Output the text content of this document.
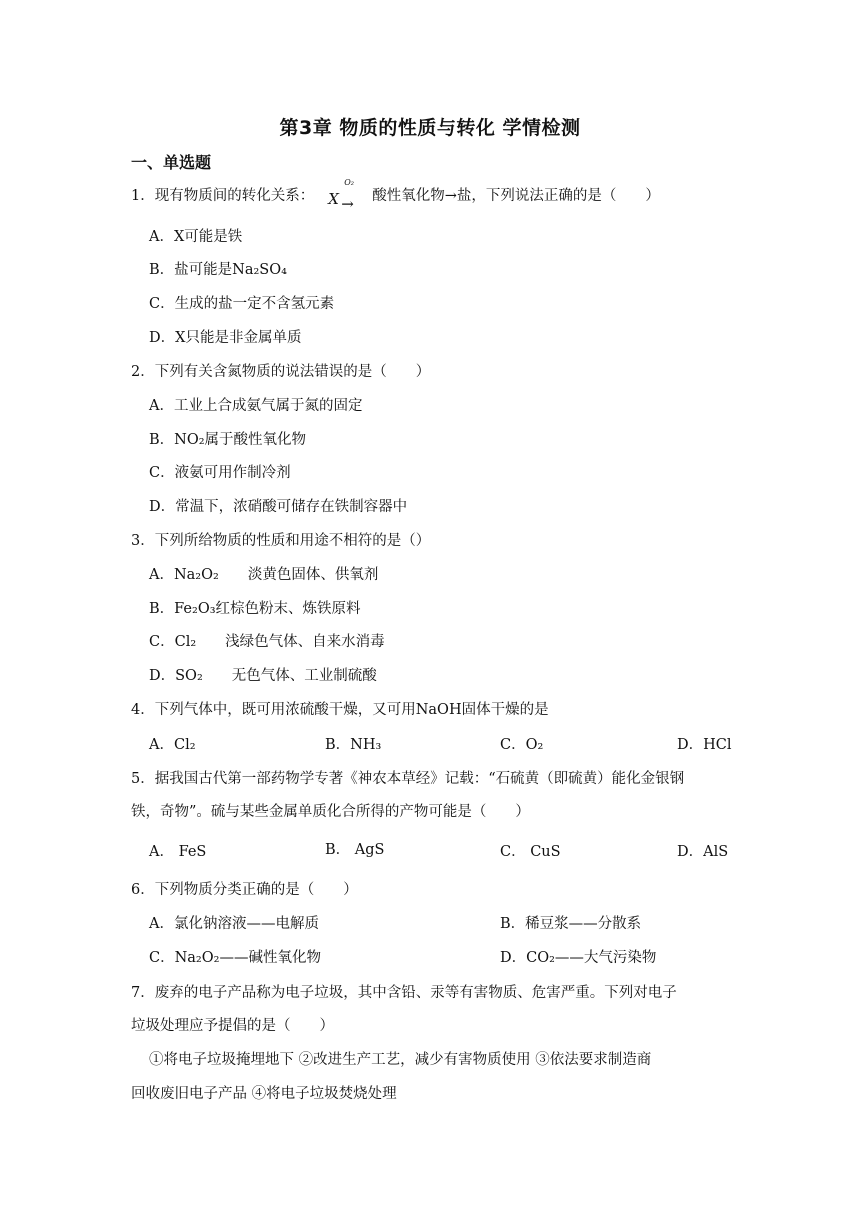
第3章 物质的性质与转化 学情检测
一、单选题
1．现有物质间的转化关系： X
O₂
→ 酸性氧化物→盐，下列说法正确的是（　　）
A．X可能是铁
B．盐可能是Na₂SO₄
C．生成的盐一定不含氢元素
D．X只能是非金属单质
2．下列有关含氮物质的说法错误的是（　　）
A．工业上合成氨气属于氮的固定
B．NO₂属于酸性氧化物
C．液氨可用作制冷剂
D．常温下，浓硝酸可储存在铁制容器中
3．下列所给物质的性质和用途不相符的是（）
A．Na₂O₂　　淡黄色固体、供氧剂
B．Fe₂O₃红棕色粉末、炼铁原料
C．Cl₂　　浅绿色气体、自来水消毒
D．SO₂　　无色气体、工业制硫酸
4．下列气体中，既可用浓硫酸干燥，又可用NaOH固体干燥的是
A．Cl₂	B．NH₃	C．O₂	D．HCl
5．据我国古代第一部药物学专著《神农本草经》记载：“石硫黄（即硫黄）能化金银钢
铁，奇物”。硫与某些金属单质化合所得的产物可能是（　　）
A． FeS	B． AgS	C． CuS	D．AlS
6．下列物质分类正确的是（　　）
A．氯化钠溶液——电解质	B．稀豆浆——分散系
C．Na₂O₂——碱性氧化物	D．CO₂——大气污染物
7．废弃的电子产品称为电子垃圾，其中含铅、汞等有害物质、危害严重。下列对电子
垃圾处理应予提倡的是（　　）
①将电子垃圾掩埋地下 ②改进生产工艺，减少有害物质使用 ③依法要求制造商
回收废旧电子产品 ④将电子垃圾焚烧处理
